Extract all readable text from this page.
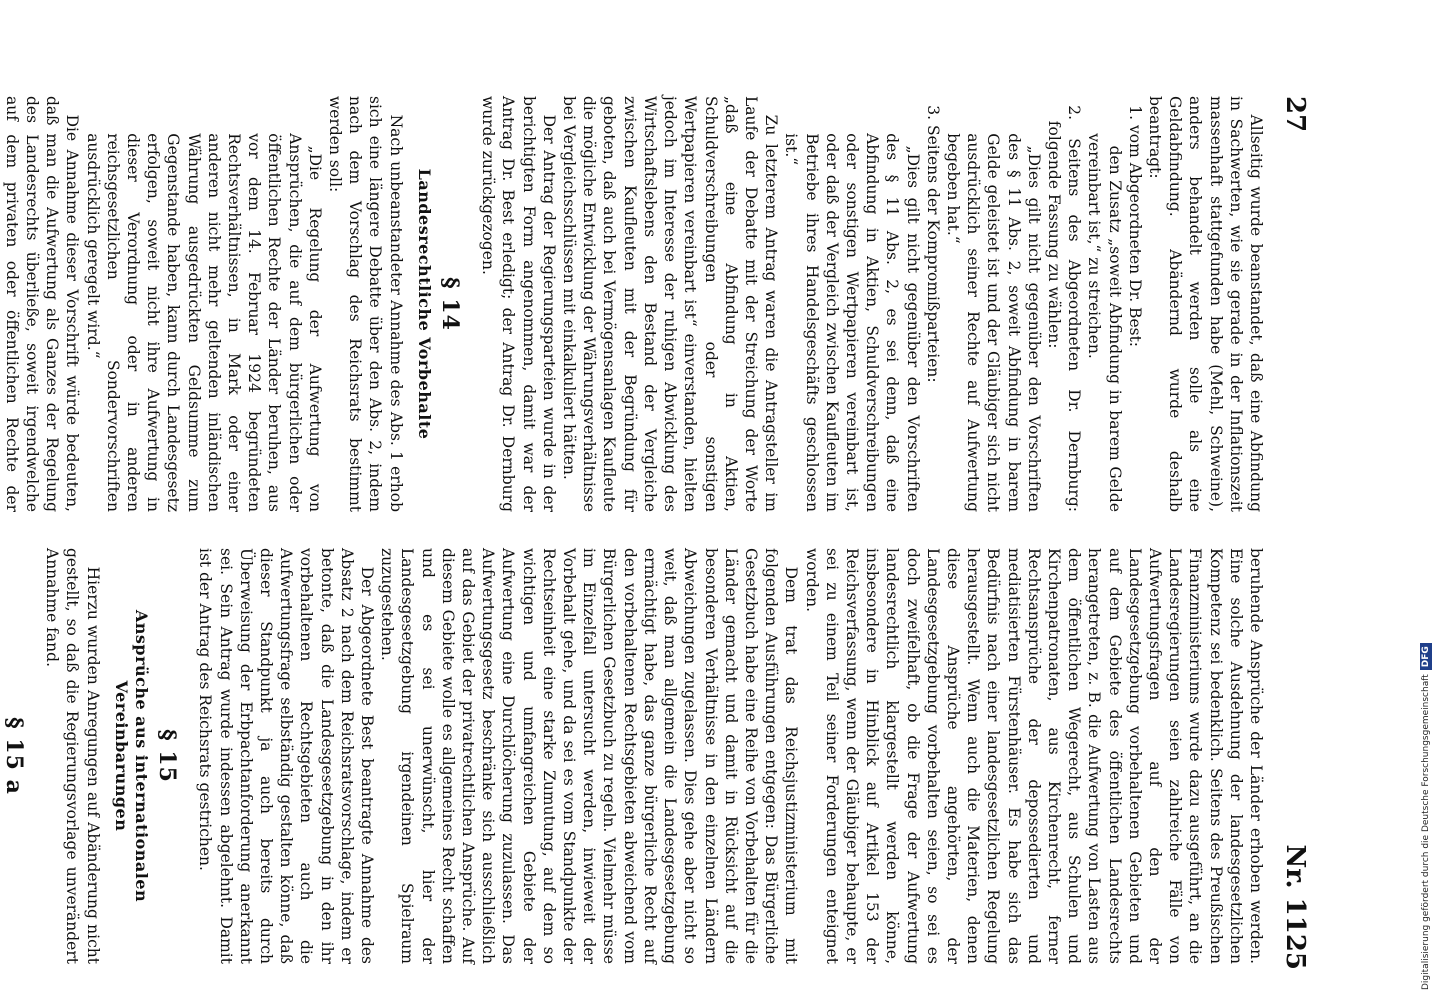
27
Nr. 1125

Allseitig wurde beanstandet, daß eine Abfindung in Sachwerten, wie sie gerade in der Inflationszeit massenhaft stattgefunden habe (Mehl, Schweine), anders behandelt werden solle als eine Geldabfindung. Abändernd wurde deshalb beantragt:

1. vom Abgeordneten Dr. Best:

den Zusatz „soweit Abfindung in barem Gelde vereinbart ist,“ zu streichen.

2. Seitens des Abgeordneten Dr. Dernburg: folgende Fassung zu wählen:

„Dies gilt nicht gegenüber den Vorschriften des § 11 Abs. 2, soweit Abfindung in barem Gelde geleistet ist und der Gläubiger sich nicht ausdrücklich seiner Rechte auf Aufwertung begeben hat.“

3. Seitens der Kompromißparteien:

„Dies gilt nicht gegenüber den Vorschriften des § 11 Abs. 2, es sei denn, daß eine Abfindung in Aktien, Schuldverschreibungen oder sonstigen Wertpapieren vereinbart ist, oder daß der Vergleich zwischen Kaufleuten im Betriebe ihres Handelsgeschäfts geschlossen ist.“

Zu letzterem Antrag waren die Antragsteller im Laufe der Debatte mit der Streichung der Worte „daß eine Abfindung in Aktien, Schuldverschreibungen oder sonstigen Wertpapieren vereinbart ist“ einverstanden, hielten jedoch im Interesse der ruhigen Abwicklung des Wirtschaftslebens den Bestand der Vergleiche zwischen Kaufleuten mit der Begründung für geboten, daß auch bei Vermögensanlagen Kaufleute die mögliche Entwicklung der Währungsverhältnisse bei Vergleichsschlüssen mit einkalkuliert hätten.

Der Antrag der Regierungsparteien wurde in der berichtigten Form angenommen, damit war der Antrag Dr. Best erledigt; der Antrag Dr. Dernburg wurde zurückgezogen.

§ 14
Landesrechtliche Vorbehalte

Nach unbeanstandeter Annahme des Abs. 1 erhob sich eine längere Debatte über den Abs. 2, indem nach dem Vorschlag des Reichsrats bestimmt werden soll:

„Die Regelung der Aufwertung von Ansprüchen, die auf dem bürgerlichen oder öffentlichen Rechte der Länder beruhen, aus vor dem 14. Februar 1924 begründeten Rechtsverhältnissen, in Mark oder einer anderen nicht mehr geltenden inländischen Währung ausgedrückten Geldsumme zum Gegenstande haben, kann durch Landesgesetz erfolgen, soweit nicht ihre Aufwertung in dieser Verordnung oder in anderen reichsgesetzlichen Sondervorschriften ausdrücklich geregelt wird.“

Die Annahme dieser Vorschrift würde bedeuten, daß man die Aufwertung als Ganzes der Regelung des Landesrechts überließe, soweit irgendwelche auf dem privaten oder öffentlichen Rechte der

beruhende Ansprüche der Länder erhoben werden. Eine solche Ausdehnung der landesgesetzlichen Kompetenz sei bedenklich. Seitens des Preußischen Finanzministeriums wurde dazu ausgeführt, an die Landesregierungen seien zahlreiche Fälle von Aufwertungsfragen auf den der Landesgesetzgebung vorbehaltenen Gebieten und auf dem Gebiete des öffentlichen Landesrechts herangetreten, z. B. die Aufwertung von Lasten aus dem öffentlichen Wegerecht, aus Schulen und Kirchenpatronaten, aus Kirchenrecht, ferner Rechtsansprüche der depossedierten und mediatisierten Fürstenhäuser. Es habe sich das Bedürfnis nach einer landesgesetzlichen Regelung herausgestellt. Wenn auch die Materien, denen diese Ansprüche angehörten, der Landesgesetzgebung vorbehalten seien, so sei es doch zweifelhaft, ob die Frage der Aufwertung landesrechtlich klargestellt werden könne, insbesondere in Hinblick auf Artikel 153 der Reichsverfassung, wenn der Gläubiger behaupte, er sei zu einem Teil seiner Forderungen enteignet worden.

Dem trat das Reichsjustizministerium mit folgenden Ausführungen entgegen: Das Bürgerliche Gesetzbuch habe eine Reihe von Vorbehalten für die Länder gemacht und damit in Rücksicht auf die besonderen Verhältnisse in den einzelnen Ländern Abweichungen zugelassen. Dies gehe aber nicht so weit, daß man allgemein die Landesgesetzgebung ermächtigt habe, das ganze bürgerliche Recht auf den vorbehaltenen Rechtsgebieten abweichend vom Bürgerlichen Gesetzbuch zu regeln. Vielmehr müsse im Einzelfall untersucht werden, inwieweit der Vorbehalt gehe, und da sei es vom Standpunkte der Rechtseinheit eine starke Zumutung, auf dem so wichtigen und umfangreichen Gebiete der Aufwertung eine Durchlöcherung zuzulassen. Das Aufwertungsgesetz beschränke sich ausschließlich auf das Gebiet der privatrechtlichen Ansprüche. Auf diesem Gebiete wolle es allgemeines Recht schaffen und es sei unerwünscht, hier der Landesgesetzgebung irgendeinen Spielraum zuzugestehen.

Der Abgeordnete Best beantragte Annahme des Absatz 2 nach dem Reichsratsvorschlage, indem er betonte, daß die Landesgesetzgebung in den ihr vorbehaltenen Rechtsgebieten auch die Aufwertungsfrage selbständig gestalten könne, daß dieser Standpunkt ja auch bereits durch Überweisung der Erbpachtanforderung anerkannt sei. Sein Antrag wurde indessen abgelehnt. Damit ist der Antrag des Reichsrats gestrichen.

§ 15
Ansprüche aus internationalen Vereinbarungen

Hierzu wurden Anregungen auf Abänderung nicht gestellt, so daß die Regierungsvorlage unverändert Annahme fand.

§ 15 a	Digitalisierung gefördert durch die Deutsche Forschungsgemeinschaft
DFG
